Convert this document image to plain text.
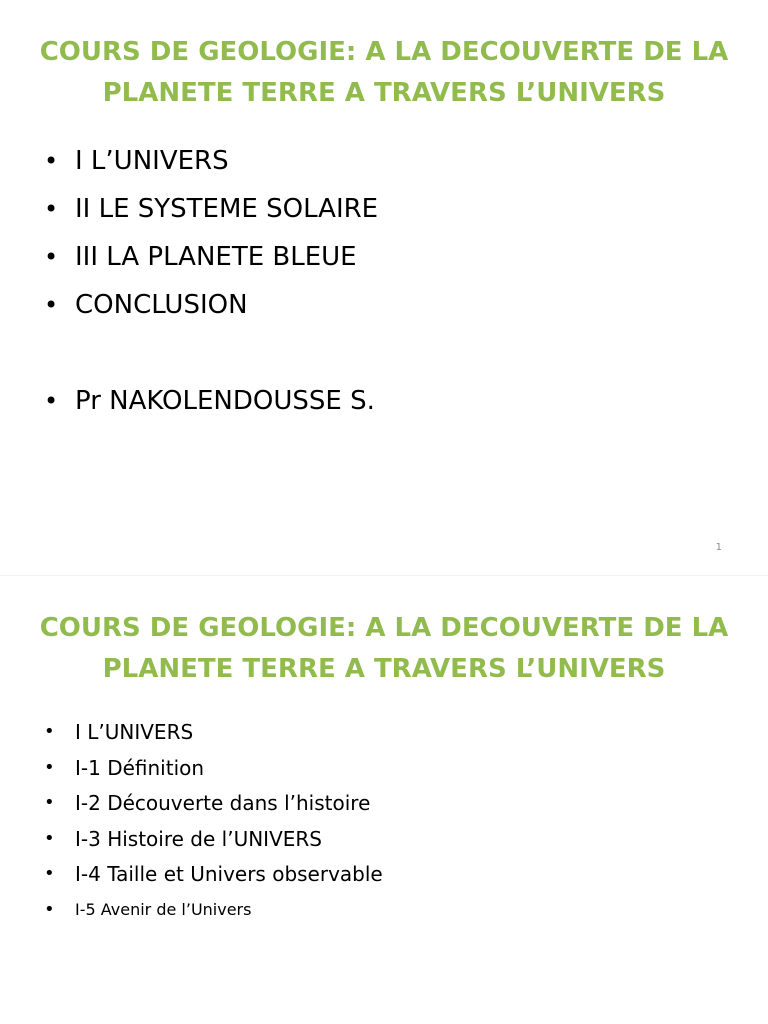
COURS DE GEOLOGIE: A LA DECOUVERTE DE LA
PLANETE TERRE A TRAVERS L’UNIVERS
• I L’UNIVERS
• II LE SYSTEME SOLAIRE
• III LA PLANETE BLEUE
• CONCLUSION
• Pr NAKOLENDOUSSE S.
1
COURS DE GEOLOGIE: A LA DECOUVERTE DE LA
PLANETE TERRE A TRAVERS L’UNIVERS
• I L’UNIVERS
• I-1 Définition
• I-2 Découverte dans l’histoire
• I-3 Histoire de l’UNIVERS
• I-4 Taille et Univers observable
• I-5 Avenir de l’Univers
